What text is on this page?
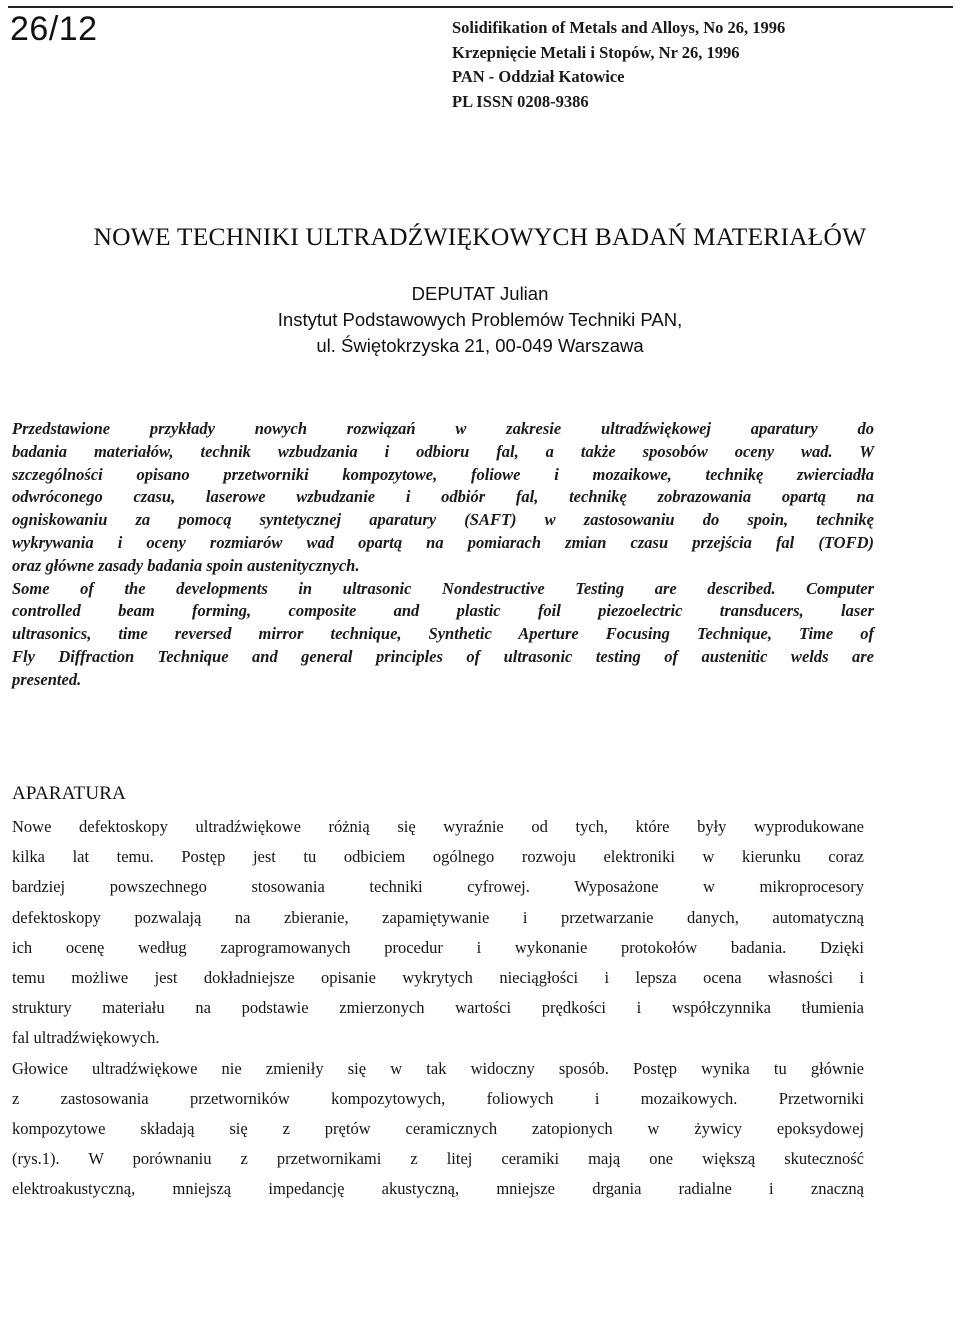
26/12	Solidifikation of Metals and Alloys, No 26, 1996
Krzepnięcie Metali i Stopów, Nr 26, 1996
PAN - Oddział Katowice
PL ISSN 0208-9386
NOWE TECHNIKI ULTRADŹWIĘKOWYCH BADAŃ MATERIAŁÓW
DEPUTAT Julian
Instytut Podstawowych Problemów Techniki PAN,
ul. Świętokrzyska 21, 00-049 Warszawa
Przedstawione przykłady nowych rozwiązań w zakresie ultradźwiękowej aparatury do
badania materiałów, technik wzbudzania i odbioru fal, a także sposobów oceny wad. W
szczególności opisano przetworniki kompozytowe, foliowe i mozaikowe, technikę zwierciadła
odwróconego czasu, laserowe wzbudzanie i odbiór fal, technikę zobrazowania opartą na
ogniskowaniu za pomocą syntetycznej aparatury (SAFT) w zastosowaniu do spoin, technikę
wykrywania i oceny rozmiarów wad opartą na pomiarach zmian czasu przejścia fal (TOFD)
oraz główne zasady badania spoin austenitycznych.
Some of the developments in ultrasonic Nondestructive Testing are described. Computer
controlled beam forming, composite and plastic foil piezoelectric transducers, laser
ultrasonics, time reversed mirror technique, Synthetic Aperture Focusing Technique, Time of
Fly Diffraction Technique and general principles of ultrasonic testing of austenitic welds are
presented.
APARATURA
Nowe defektoskopy ultradźwiękowe różnią się wyraźnie od tych, które były wyprodukowane
kilka lat temu. Postęp jest tu odbiciem ogólnego rozwoju elektroniki w kierunku coraz
bardziej powszechnego stosowania techniki cyfrowej. Wyposażone w mikroprocesory
defektoskopy pozwalają na zbieranie, zapamiętywanie i przetwarzanie danych, automatyczną
ich ocenę według zaprogramowanych procedur i wykonanie protokołów badania. Dzięki
temu możliwe jest dokładniejsze opisanie wykrytych nieciągłości i lepsza ocena własności i
struktury materiału na podstawie zmierzonych wartości prędkości i współczynnika tłumienia
fal ultradźwiękowych.
Głowice ultradźwiękowe nie zmieniły się w tak widoczny sposób. Postęp wynika tu głównie
z zastosowania przetworników kompozytowych, foliowych i mozaikowych. Przetworniki
kompozytowe składają się z prętów ceramicznych zatopionych w żywicy epoksydowej
(rys.1). W porównaniu z przetwornikami z litej ceramiki mają one większą skuteczność
elektroakustyczną, mniejszą impedancję akustyczną, mniejsze drgania radialne i znaczną
